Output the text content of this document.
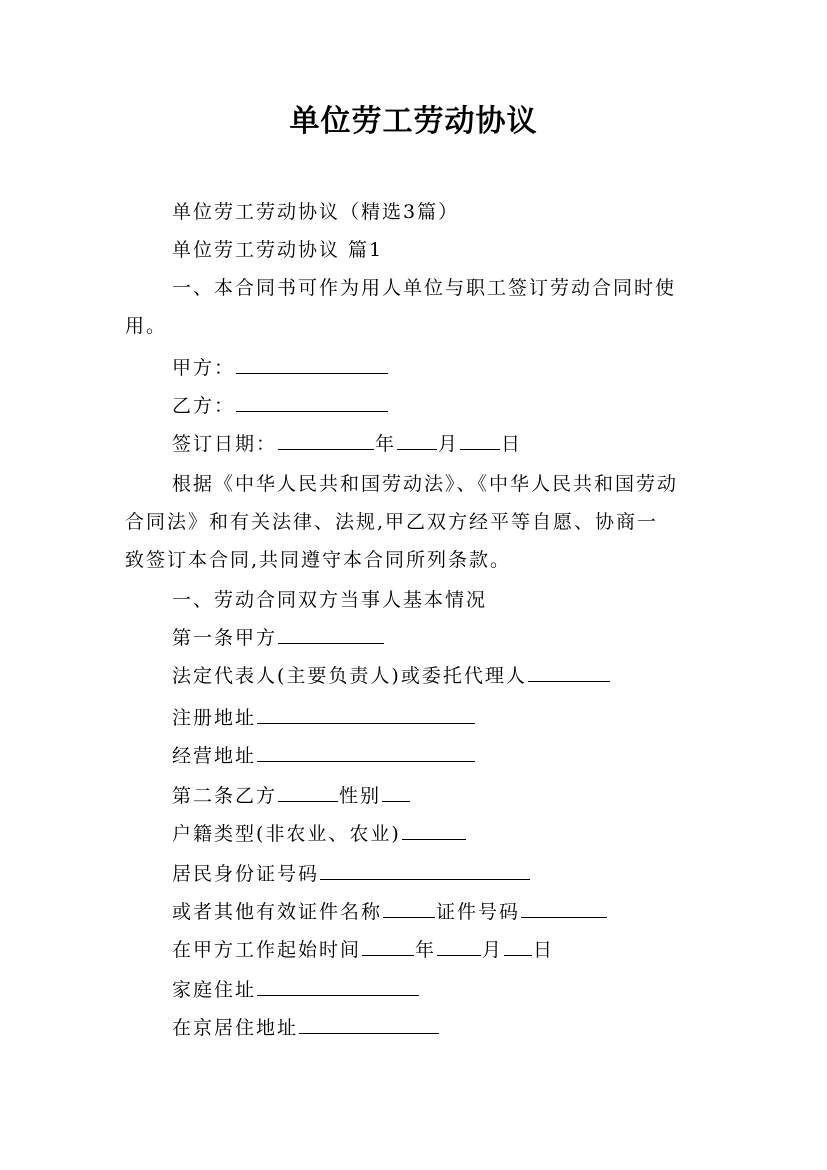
单位劳工劳动协议
单位劳工劳动协议（精选3篇）
单位劳工劳动协议 篇1
一、本合同书可作为用人单位与职工签订劳动合同时使
用。
甲方：
乙方：
签订日期：	年 月 日
根据《中华人民共和国劳动法》、《中华人民共和国劳动
合同法》和有关法律、法规,甲乙双方经平等自愿、协商一
致签订本合同,共同遵守本合同所列条款。
一、劳动合同双方当事人基本情况
第一条甲方
法定代表人(主要负责人)或委托代理人
注册地址
经营地址
第二条乙方	性别
户籍类型(非农业、农业)
居民身份证号码
或者其他有效证件名称	证件号码
在甲方工作起始时间	年 月 日
家庭住址
在京居住地址
